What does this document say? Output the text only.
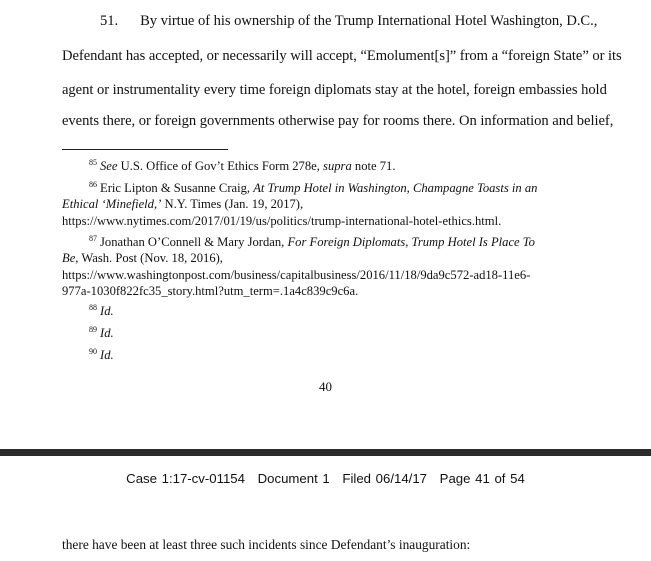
51. By virtue of his ownership of the Trump International Hotel Washington, D.C.,
Defendant has accepted, or necessarily will accept, “Emolument[s]” from a “foreign State” or its
agent or instrumentality every time foreign diplomats stay at the hotel, foreign embassies hold
events there, or foreign governments otherwise pay for rooms there. On information and belief,
$^{85}$ See U.S. Office of Gov’t Ethics Form 278e, supra note 71.
$^{86}$ Eric Lipton & Susanne Craig, At Trump Hotel in Washington, Champagne Toasts in an
Ethical ‘Minefield,’ N.Y. Times (Jan. 19, 2017),
https://www.nytimes.com/2017/01/19/us/politics/trump-international-hotel-ethics.html.
$^{87}$ Jonathan O’Connell & Mary Jordan, For Foreign Diplomats, Trump Hotel Is Place To
Be, Wash. Post (Nov. 18, 2016),
https://www.washingtonpost.com/business/capitalbusiness/2016/11/18/9da9c572-ad18-11e6-
977a-1030f822fc35_story.html?utm_term=.1a4c839c9c6a.
$^{88}$ Id.
$^{89}$ Id.
$^{90}$ Id.
40
Case 1:17-cv-01154 Document 1 Filed 06/14/17 Page 41 of 54
there have been at least three such incidents since Defendant’s inauguration:
